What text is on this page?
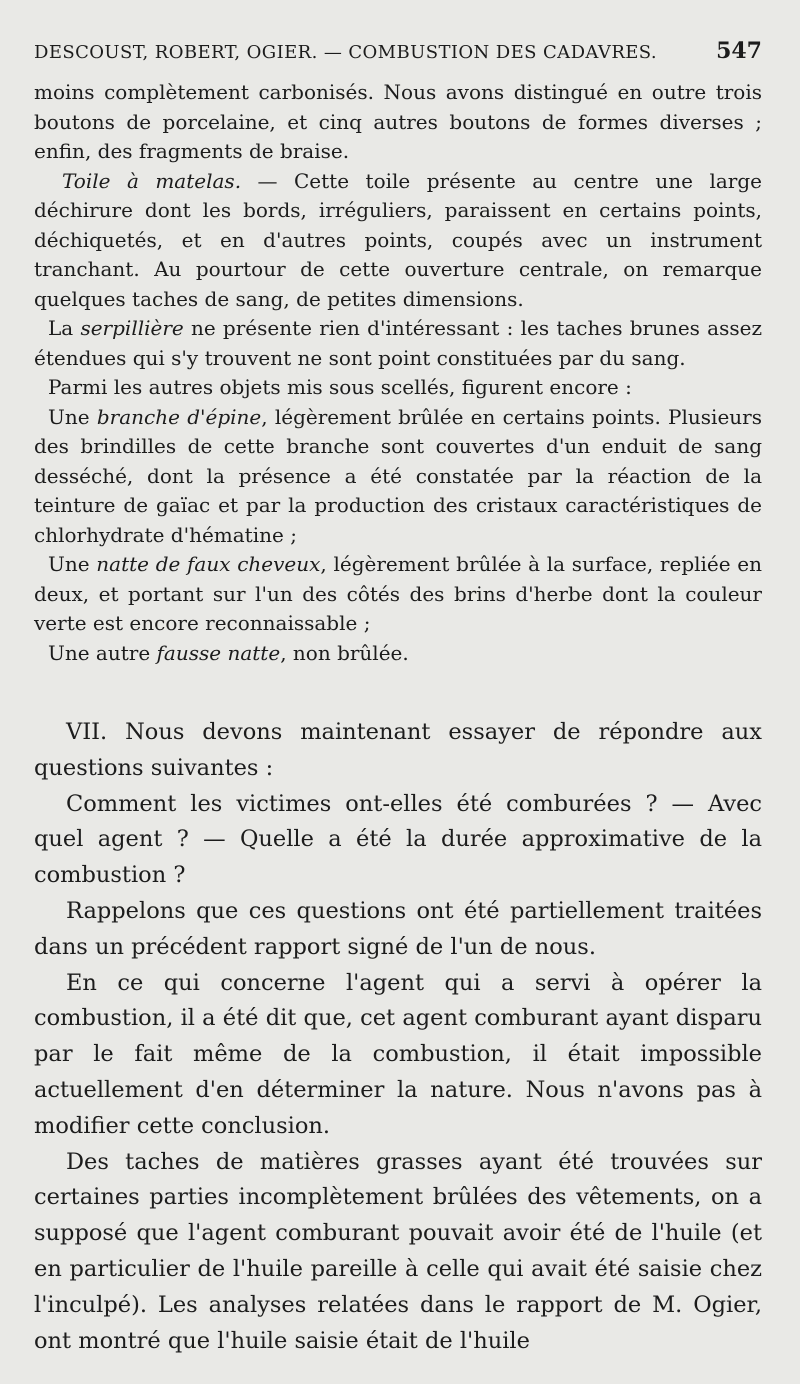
DESCOUST, ROBERT, OGIER. — COMBUSTION DES CADAVRES.	547

moins complètement carbonisés. Nous avons distingué en outre trois boutons de porcelaine, et cinq autres boutons de formes diverses ; enfin, des fragments de braise.

Toile à matelas. — Cette toile présente au centre une large déchirure dont les bords, irréguliers, paraissent en certains points, déchiquetés, et en d'autres points, coupés avec un instrument tranchant. Au pourtour de cette ouverture centrale, on remarque quelques taches de sang, de petites dimensions.

La serpillière ne présente rien d'intéressant : les taches brunes assez étendues qui s'y trouvent ne sont point constituées par du sang.

Parmi les autres objets mis sous scellés, figurent encore :

Une branche d'épine, légèrement brûlée en certains points. Plusieurs des brindilles de cette branche sont couvertes d'un enduit de sang desséché, dont la présence a été constatée par la réaction de la teinture de gaïac et par la production des cristaux caractéristiques de chlorhydrate d'hématine ;

Une natte de faux cheveux, légèrement brûlée à la surface, repliée en deux, et portant sur l'un des côtés des brins d'herbe dont la couleur verte est encore reconnaissable ;

Une autre fausse natte, non brûlée.

VII. Nous devons maintenant essayer de répondre aux questions suivantes :

Comment les victimes ont-elles été comburées ? — Avec quel agent ? — Quelle a été la durée approximative de la combustion ?

Rappelons que ces questions ont été partiellement traitées dans un précédent rapport signé de l'un de nous.

En ce qui concerne l'agent qui a servi à opérer la combustion, il a été dit que, cet agent comburant ayant disparu par le fait même de la combustion, il était impossible actuellement d'en déterminer la nature. Nous n'avons pas à modifier cette conclusion.

Des taches de matières grasses ayant été trouvées sur certaines parties incomplètement brûlées des vêtements, on a supposé que l'agent comburant pouvait avoir été de l'huile (et en particulier de l'huile pareille à celle qui avait été saisie chez l'inculpé). Les analyses relatées dans le rapport de M. Ogier, ont montré que l'huile saisie était de l'huile
